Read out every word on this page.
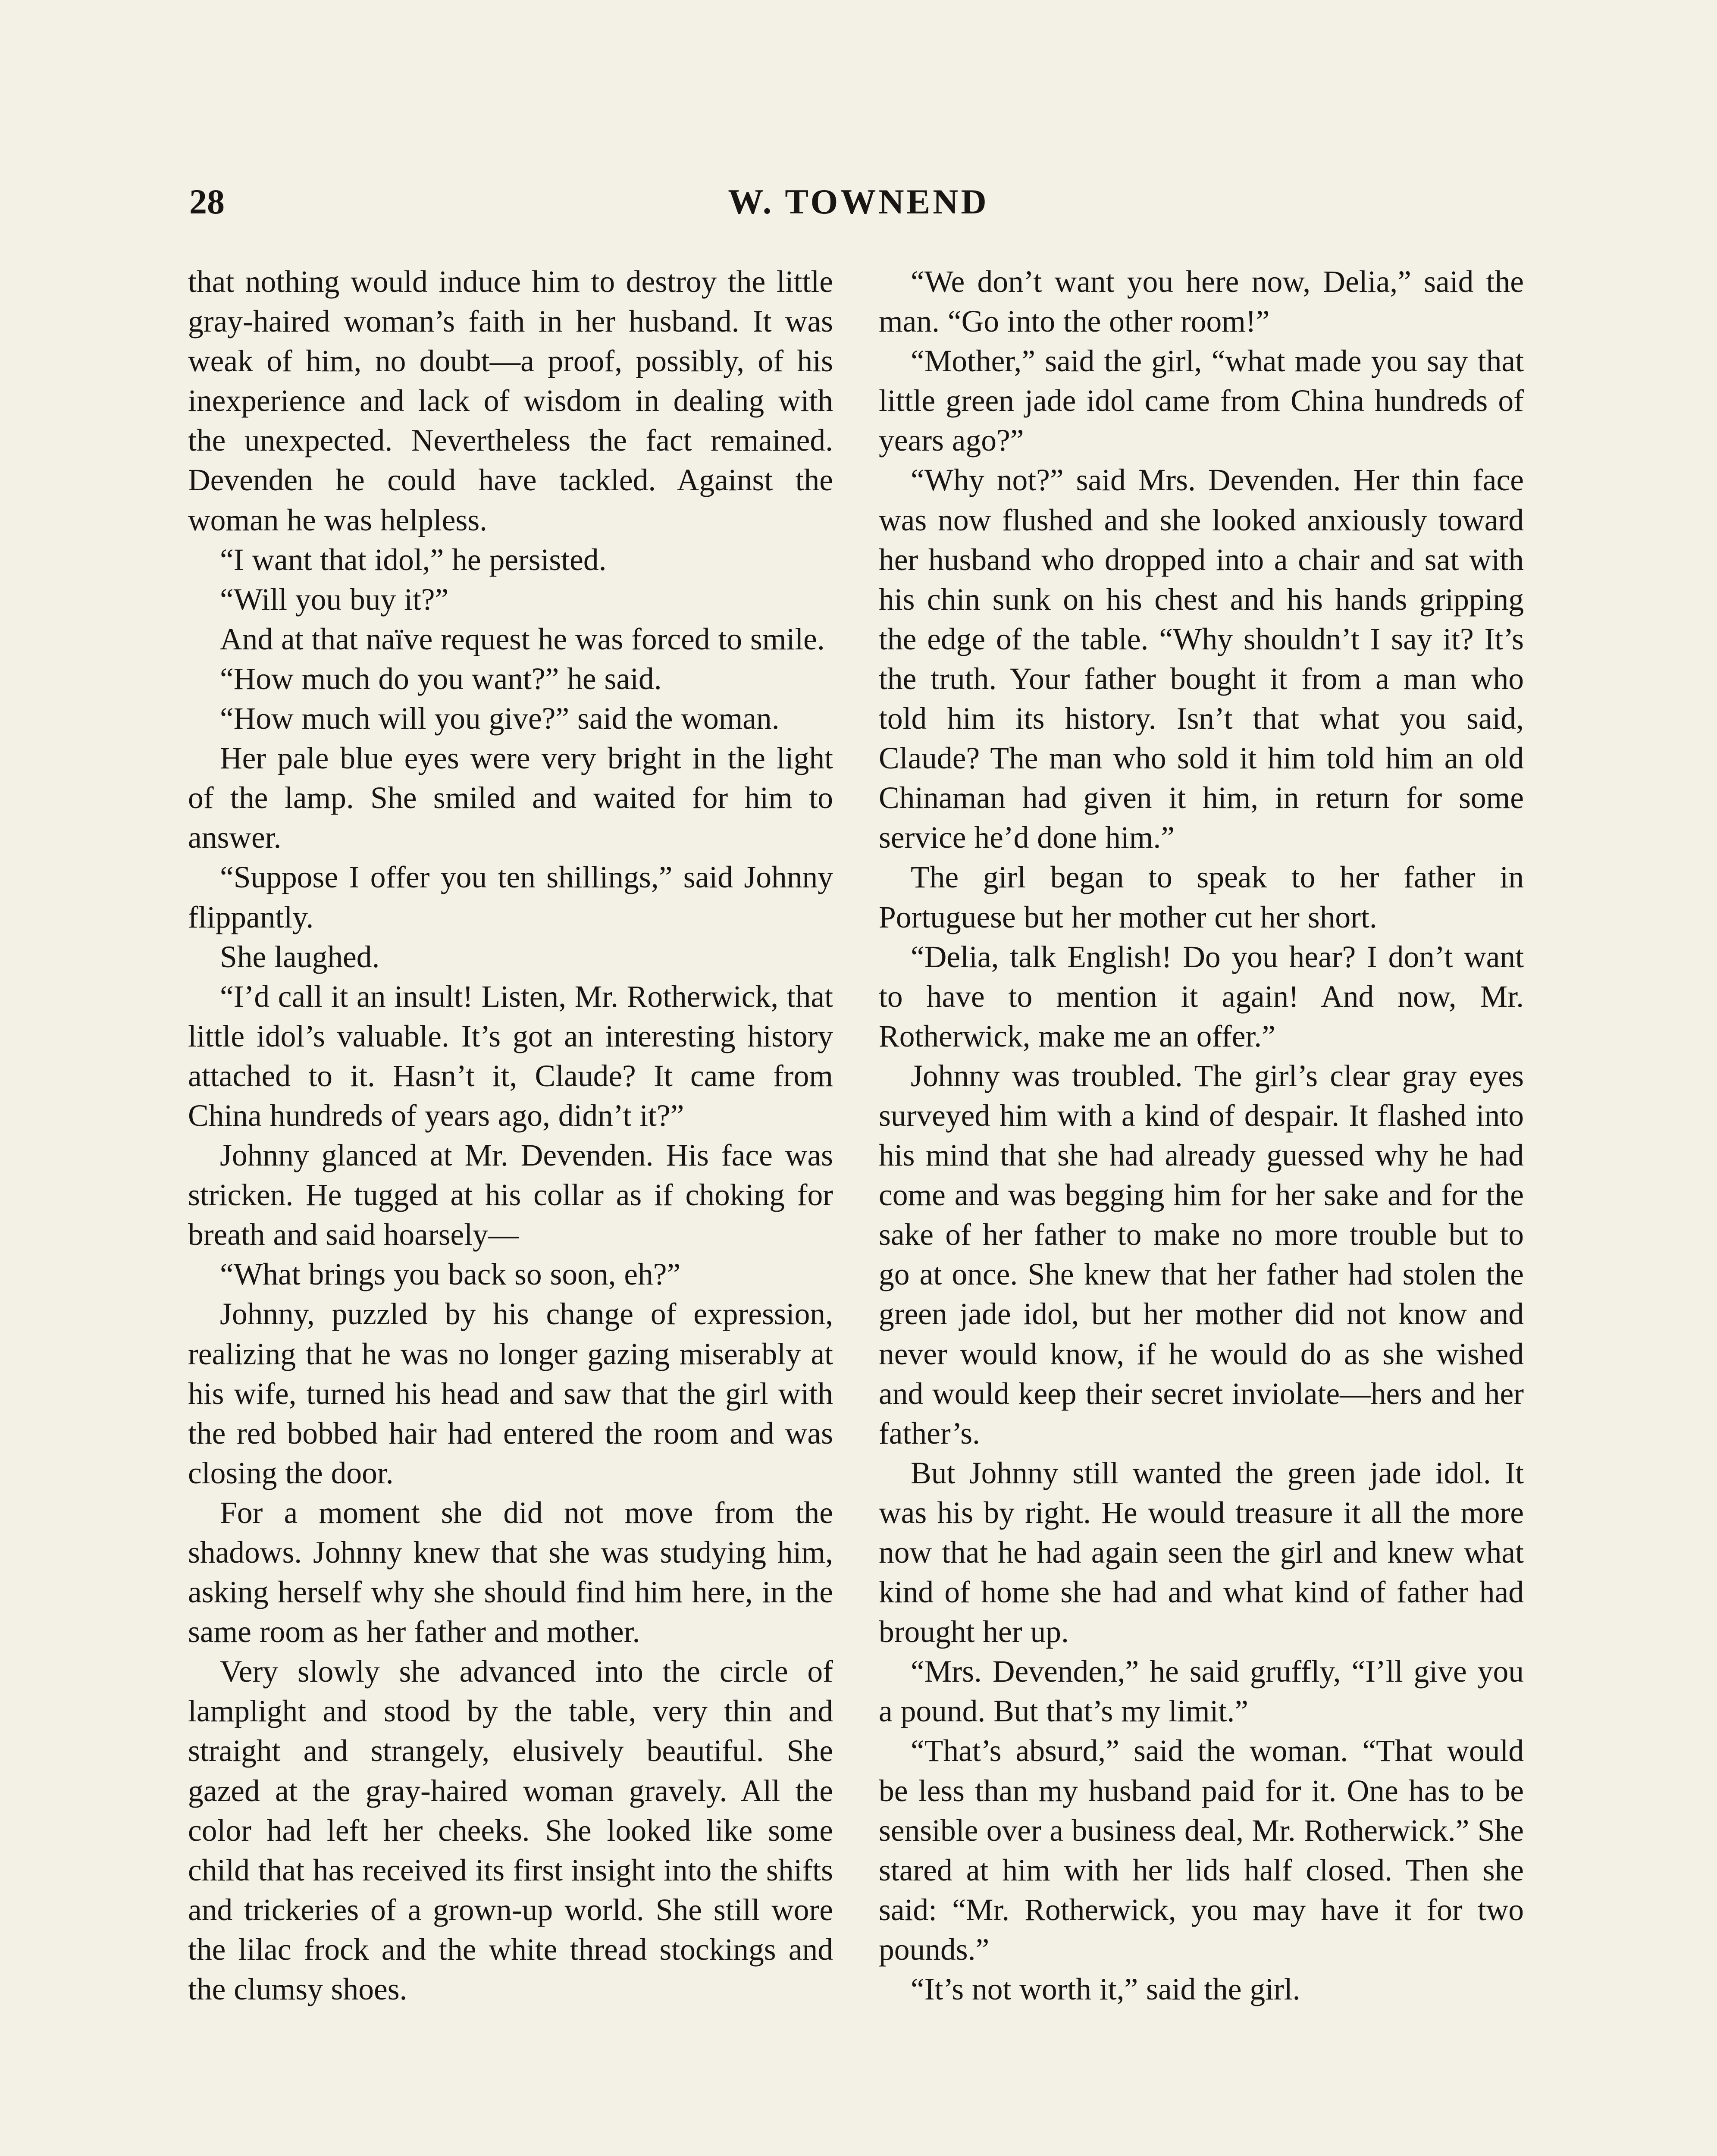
28	W. TOWNEND

that nothing would induce him to destroy the little gray-haired woman’s faith in her husband. It was weak of him, no doubt—a proof, possibly, of his inexperience and lack of wisdom in dealing with the unexpected. Nevertheless the fact remained. Devenden he could have tackled. Against the woman he was helpless.

“I want that idol,” he persisted.

“Will you buy it?”

And at that naïve request he was forced to smile.

“How much do you want?” he said.

“How much will you give?” said the woman.

Her pale blue eyes were very bright in the light of the lamp. She smiled and waited for him to answer.

“Suppose I offer you ten shillings,” said Johnny flippantly.

She laughed.

“I’d call it an insult! Listen, Mr. Rotherwick, that little idol’s valuable. It’s got an interesting history attached to it. Hasn’t it, Claude? It came from China hundreds of years ago, didn’t it?”

Johnny glanced at Mr. Devenden. His face was stricken. He tugged at his collar as if choking for breath and said hoarsely—

“What brings you back so soon, eh?”

Johnny, puzzled by his change of expression, realizing that he was no longer gazing miserably at his wife, turned his head and saw that the girl with the red bobbed hair had entered the room and was closing the door.

For a moment she did not move from the shadows. Johnny knew that she was studying him, asking herself why she should find him here, in the same room as her father and mother.

Very slowly she advanced into the circle of lamplight and stood by the table, very thin and straight and strangely, elusively beautiful. She gazed at the gray-haired woman gravely. All the color had left her cheeks. She looked like some child that has received its first insight into the shifts and trickeries of a grown-up world. She still wore the lilac frock and the white thread stockings and the clumsy shoes.

“We don’t want you here now, Delia,” said the man. “Go into the other room!”

“Mother,” said the girl, “what made you say that little green jade idol came from China hundreds of years ago?”

“Why not?” said Mrs. Devenden. Her thin face was now flushed and she looked anxiously toward her husband who dropped into a chair and sat with his chin sunk on his chest and his hands gripping the edge of the table. “Why shouldn’t I say it? It’s the truth. Your father bought it from a man who told him its history. Isn’t that what you said, Claude? The man who sold it him told him an old Chinaman had given it him, in return for some service he’d done him.”

The girl began to speak to her father in Portuguese but her mother cut her short.

“Delia, talk English! Do you hear? I don’t want to have to mention it again! And now, Mr. Rotherwick, make me an offer.”

Johnny was troubled. The girl’s clear gray eyes surveyed him with a kind of despair. It flashed into his mind that she had already guessed why he had come and was begging him for her sake and for the sake of her father to make no more trouble but to go at once. She knew that her father had stolen the green jade idol, but her mother did not know and never would know, if he would do as she wished and would keep their secret inviolate—hers and her father’s.

But Johnny still wanted the green jade idol. It was his by right. He would treasure it all the more now that he had again seen the girl and knew what kind of home she had and what kind of father had brought her up.

“Mrs. Devenden,” he said gruffly, “I’ll give you a pound. But that’s my limit.”

“That’s absurd,” said the woman. “That would be less than my husband paid for it. One has to be sensible over a business deal, Mr. Rotherwick.” She stared at him with her lids half closed. Then she said: “Mr. Rotherwick, you may have it for two pounds.”

“It’s not worth it,” said the girl.
